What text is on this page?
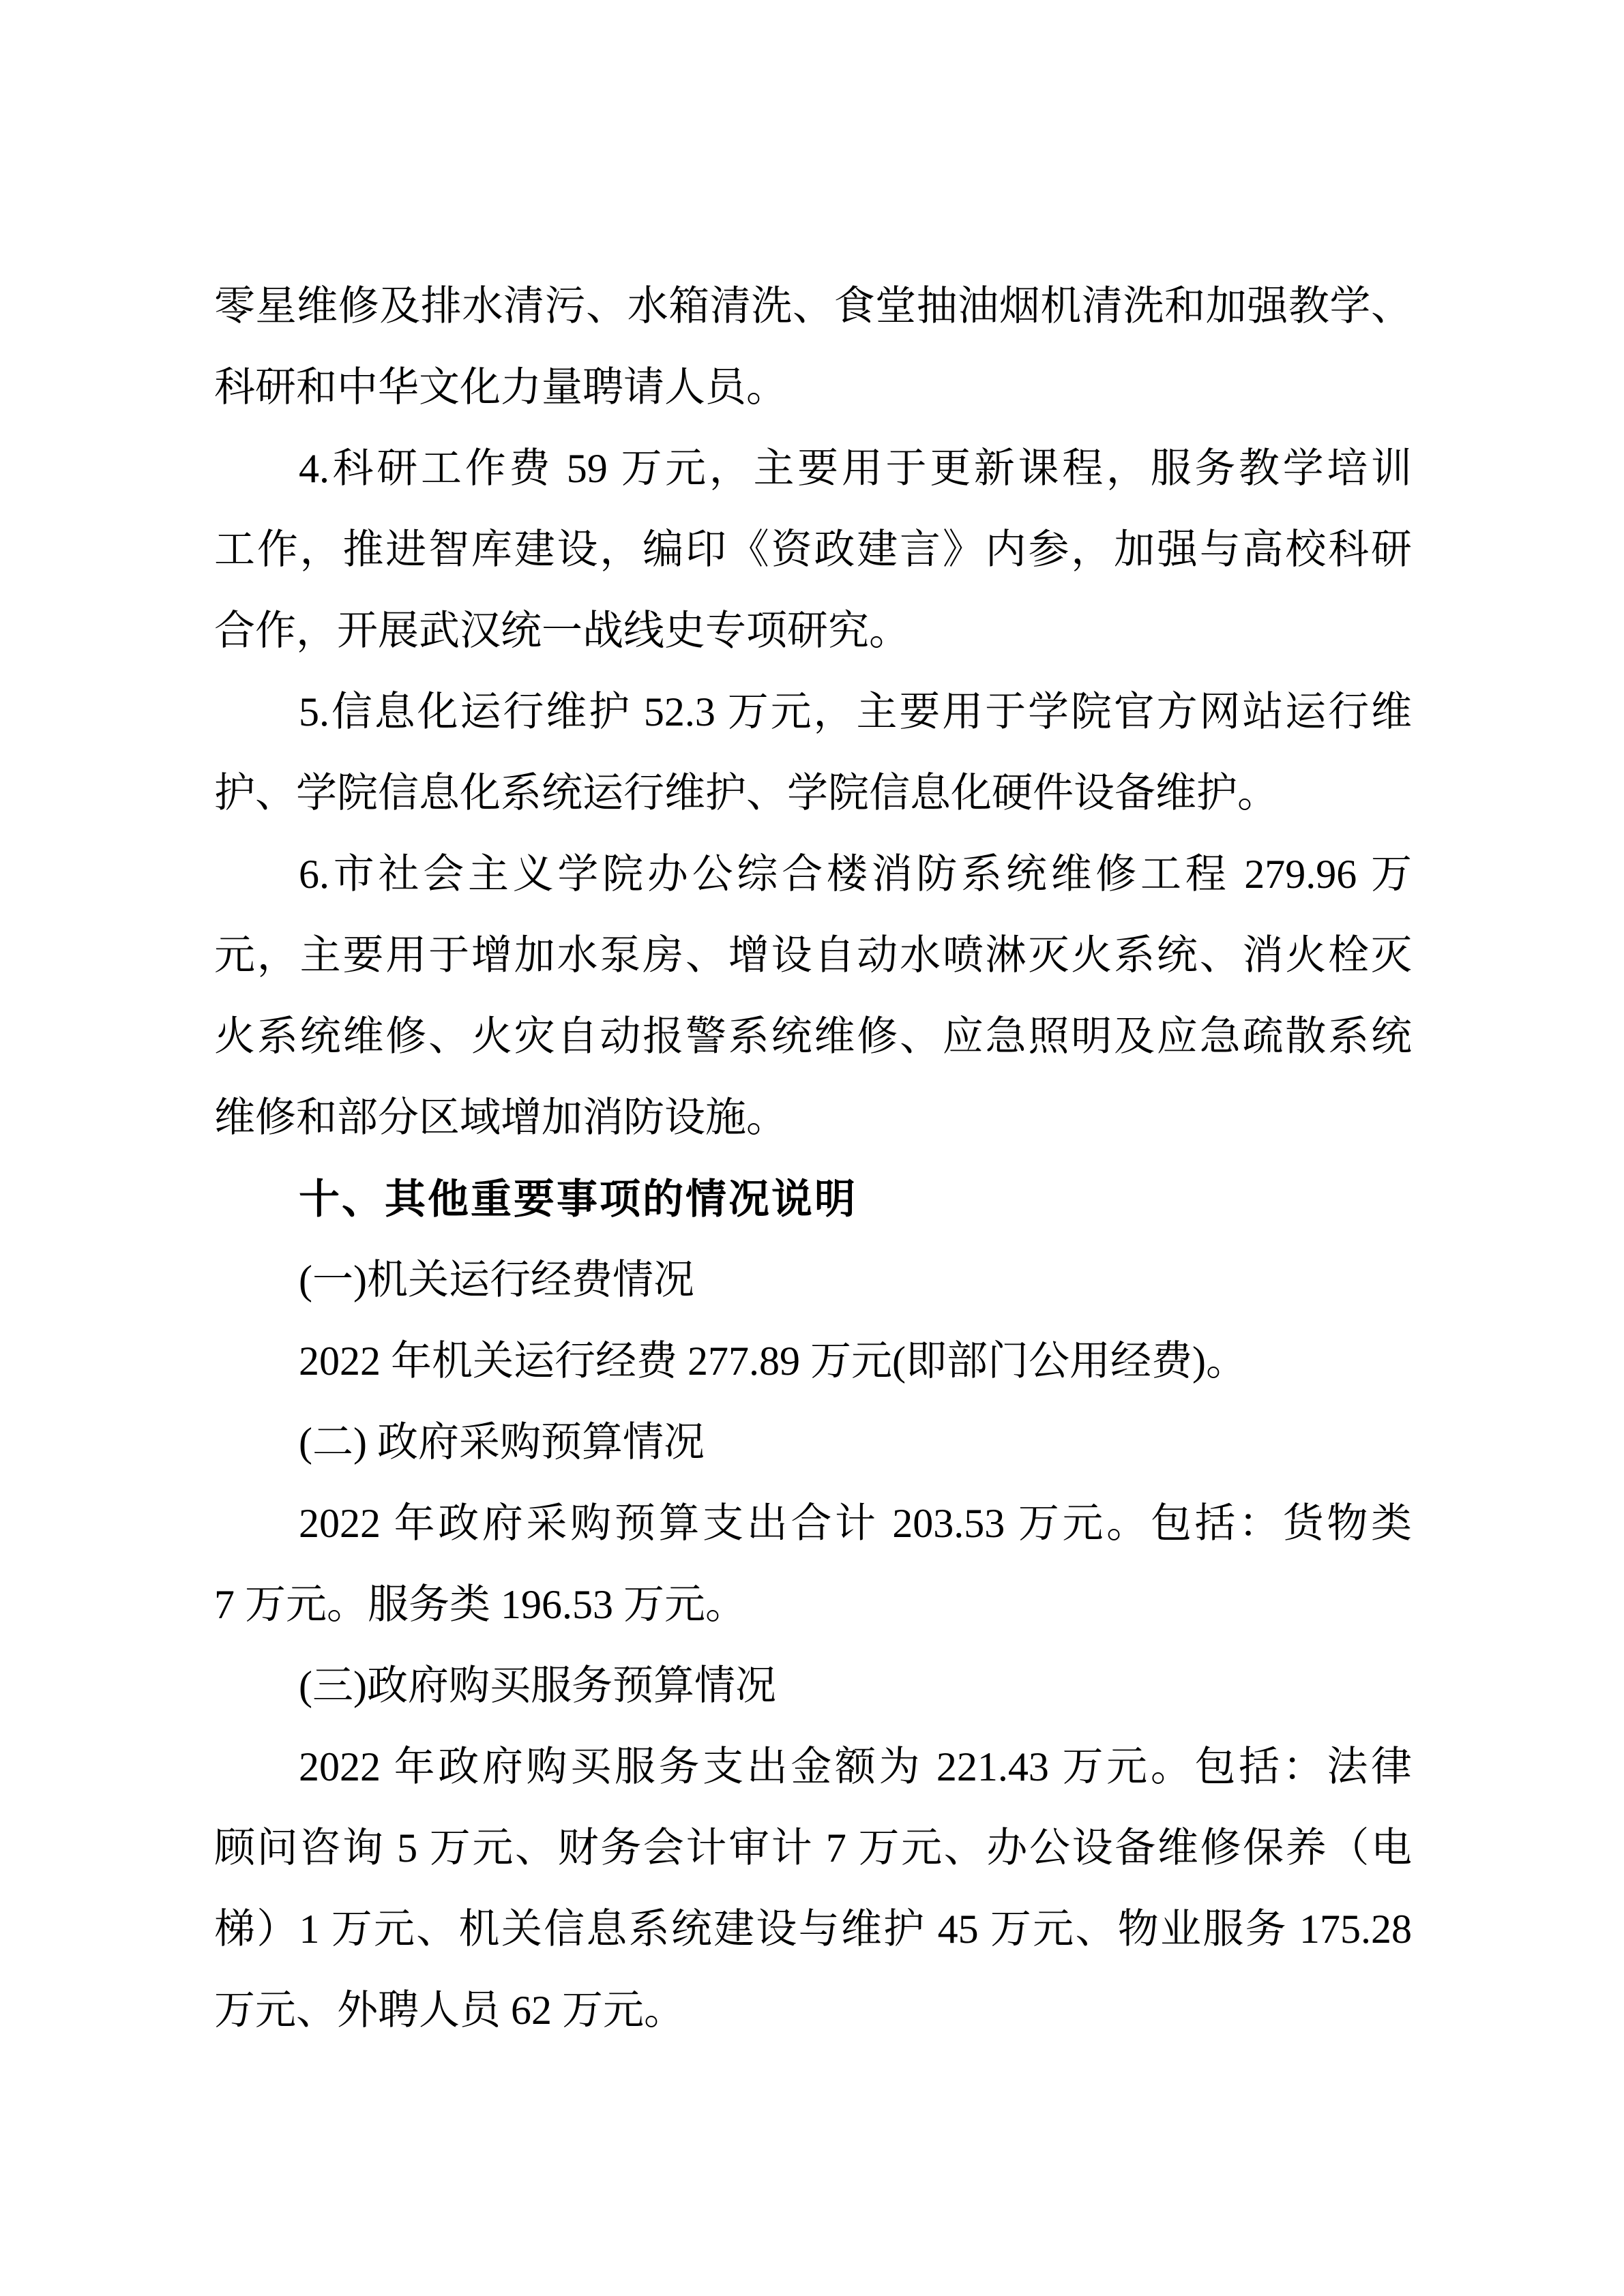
零星维修及排水清污、水箱清洗、食堂抽油烟机清洗和加强教学、
科研和中华文化力量聘请人员。
4.科研工作费 59 万元，主要用于更新课程，服务教学培训
工作，推进智库建设，编印《资政建言》内参，加强与高校科研
合作，开展武汉统一战线史专项研究。
5.信息化运行维护 52.3 万元，主要用于学院官方网站运行维
护、学院信息化系统运行维护、学院信息化硬件设备维护。
6.市社会主义学院办公综合楼消防系统维修工程 279.96 万
元，主要用于增加水泵房、增设自动水喷淋灭火系统、消火栓灭
火系统维修、火灾自动报警系统维修、应急照明及应急疏散系统
维修和部分区域增加消防设施。
十、其他重要事项的情况说明
(一)机关运行经费情况
2022 年机关运行经费 277.89 万元(即部门公用经费)。
(二) 政府采购预算情况
2022 年政府采购预算支出合计 203.53 万元。包括：货物类
7 万元。服务类 196.53 万元。
(三)政府购买服务预算情况
2022 年政府购买服务支出金额为 221.43 万元。包括：法律
顾问咨询 5 万元、财务会计审计 7 万元、办公设备维修保养（电
梯）1 万元、机关信息系统建设与维护 45 万元、物业服务 175.28
万元、外聘人员 62 万元。
